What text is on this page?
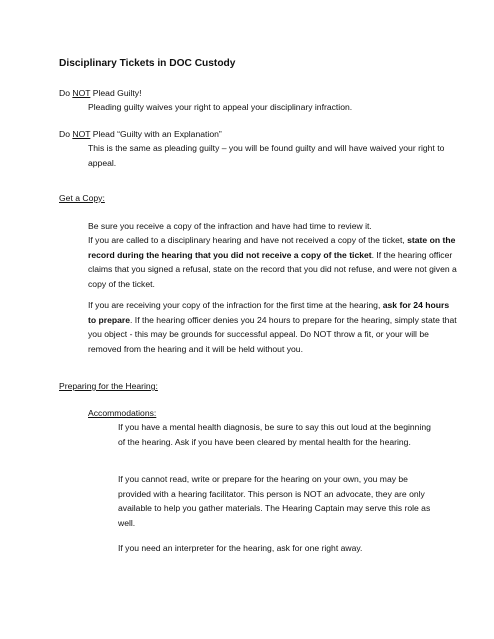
Disciplinary Tickets in DOC Custody
Do NOT Plead Guilty!
Pleading guilty waives your right to appeal your disciplinary infraction.
Do NOT Plead “Guilty with an Explanation”
This is the same as pleading guilty – you will be found guilty and will have waived your right to appeal.
Get a Copy:
Be sure you receive a copy of the infraction and have had time to review it.
If you are called to a disciplinary hearing and have not received a copy of the ticket, state on the record during the hearing that you did not receive a copy of the ticket. If the hearing officer claims that you signed a refusal, state on the record that you did not refuse, and were not given a copy of the ticket.
If you are receiving your copy of the infraction for the first time at the hearing, ask for 24 hours to prepare. If the hearing officer denies you 24 hours to prepare for the hearing, simply state that you object - this may be grounds for successful appeal. Do NOT throw a fit, or your will be removed from the hearing and it will be held without you.
Preparing for the Hearing:
Accommodations:
If you have a mental health diagnosis, be sure to say this out loud at the beginning of the hearing. Ask if you have been cleared by mental health for the hearing.
If you cannot read, write or prepare for the hearing on your own, you may be provided with a hearing facilitator. This person is NOT an advocate, they are only available to help you gather materials. The Hearing Captain may serve this role as well.
If you need an interpreter for the hearing, ask for one right away.
